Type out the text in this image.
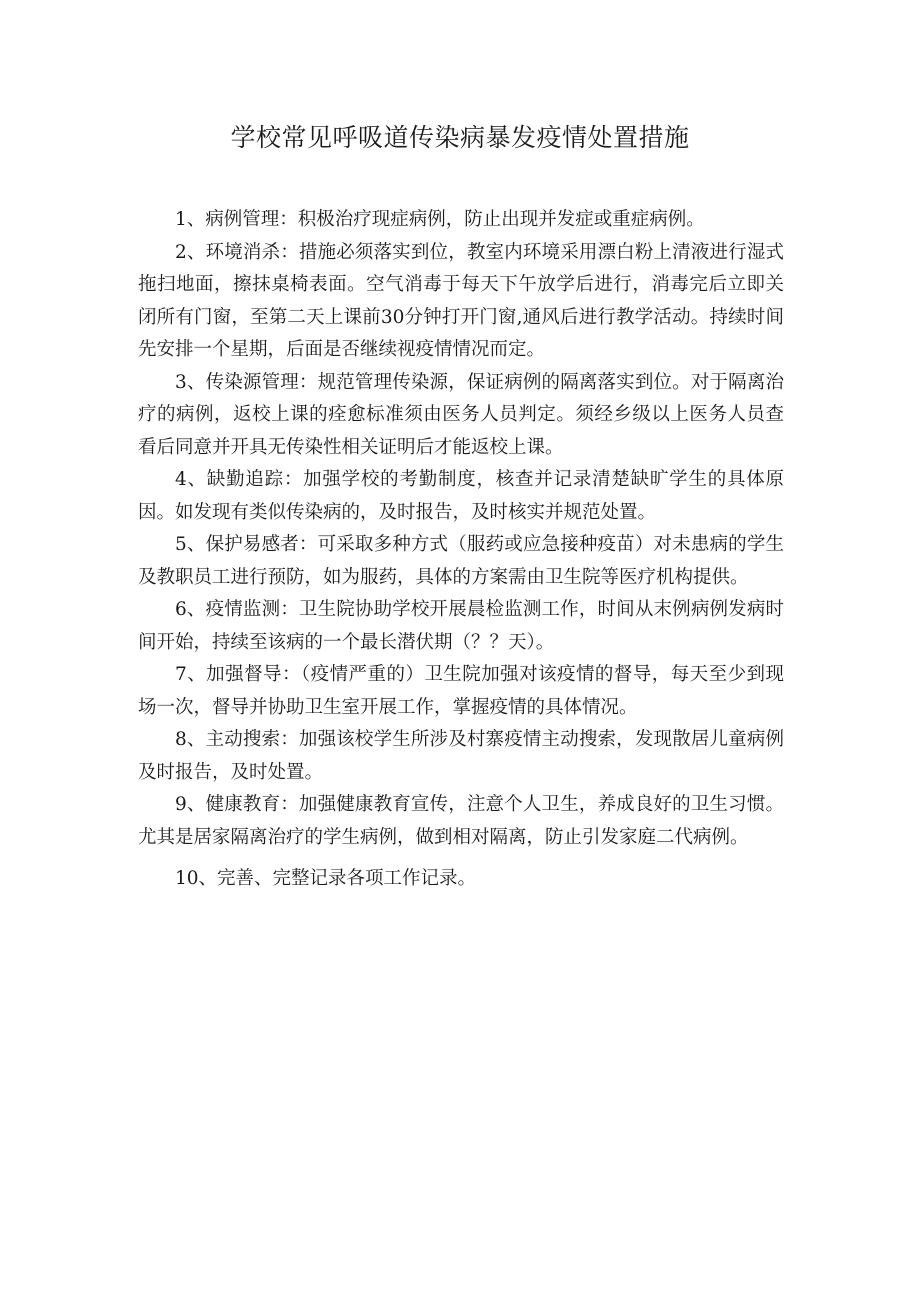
学校常见呼吸道传染病暴发疫情处置措施

1、病例管理：积极治疗现症病例，防止出现并发症或重症病例。

2、环境消杀：措施必须落实到位，教室内环境采用漂白粉上清液进行湿式拖扫地面，擦抹桌椅表面。空气消毒于每天下午放学后进行，消毒完后立即关闭所有门窗，至第二天上课前30分钟打开门窗,通风后进行教学活动。持续时间先安排一个星期，后面是否继续视疫情情况而定。

3、传染源管理：规范管理传染源，保证病例的隔离落实到位。对于隔离治疗的病例，返校上课的痊愈标准须由医务人员判定。须经乡级以上医务人员查看后同意并开具无传染性相关证明后才能返校上课。

4、缺勤追踪：加强学校的考勤制度，核查并记录清楚缺旷学生的具体原因。如发现有类似传染病的，及时报告，及时核实并规范处置。

5、保护易感者：可采取多种方式（服药或应急接种疫苗）对未患病的学生及教职员工进行预防，如为服药，具体的方案需由卫生院等医疗机构提供。

6、疫情监测：卫生院协助学校开展晨检监测工作，时间从末例病例发病时间开始，持续至该病的一个最长潜伏期（？？天）。

7、加强督导：（疫情严重的）卫生院加强对该疫情的督导，每天至少到现场一次，督导并协助卫生室开展工作，掌握疫情的具体情况。

8、主动搜索：加强该校学生所涉及村寨疫情主动搜索，发现散居儿童病例及时报告，及时处置。

9、健康教育：加强健康教育宣传，注意个人卫生，养成良好的卫生习惯。尤其是居家隔离治疗的学生病例，做到相对隔离，防止引发家庭二代病例。

10、完善、完整记录各项工作记录。
